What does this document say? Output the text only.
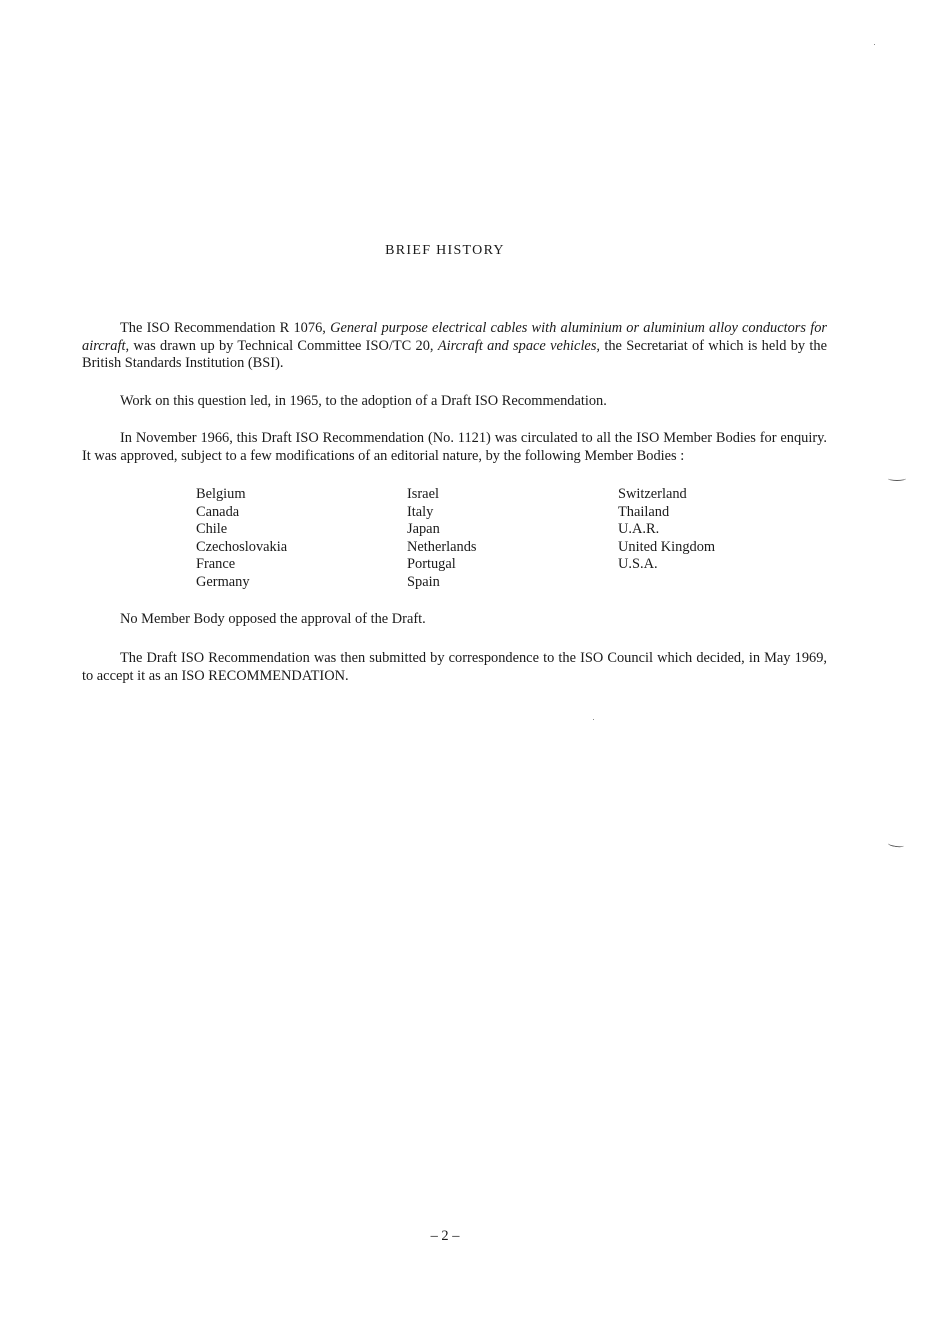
BRIEF HISTORY
The ISO Recommendation R 1076, General purpose electrical cables with aluminium or aluminium alloy conductors for aircraft, was drawn up by Technical Committee ISO/TC 20, Aircraft and space vehicles, the Secretariat of which is held by the British Standards Institution (BSI).
Work on this question led, in 1965, to the adoption of a Draft ISO Recommendation.
In November 1966, this Draft ISO Recommendation (No. 1121) was circulated to all the ISO Member Bodies for enquiry. It was approved, subject to a few modifications of an editorial nature, by the following Member Bodies :
Belgium
Canada
Chile
Czechoslovakia
France
Germany
Israel
Italy
Japan
Netherlands
Portugal
Spain
Switzerland
Thailand
U.A.R.
United Kingdom
U.S.A.
No Member Body opposed the approval of the Draft.
The Draft ISO Recommendation was then submitted by correspondence to the ISO Council which decided, in May 1969, to accept it as an ISO RECOMMENDATION.
– 2 –
